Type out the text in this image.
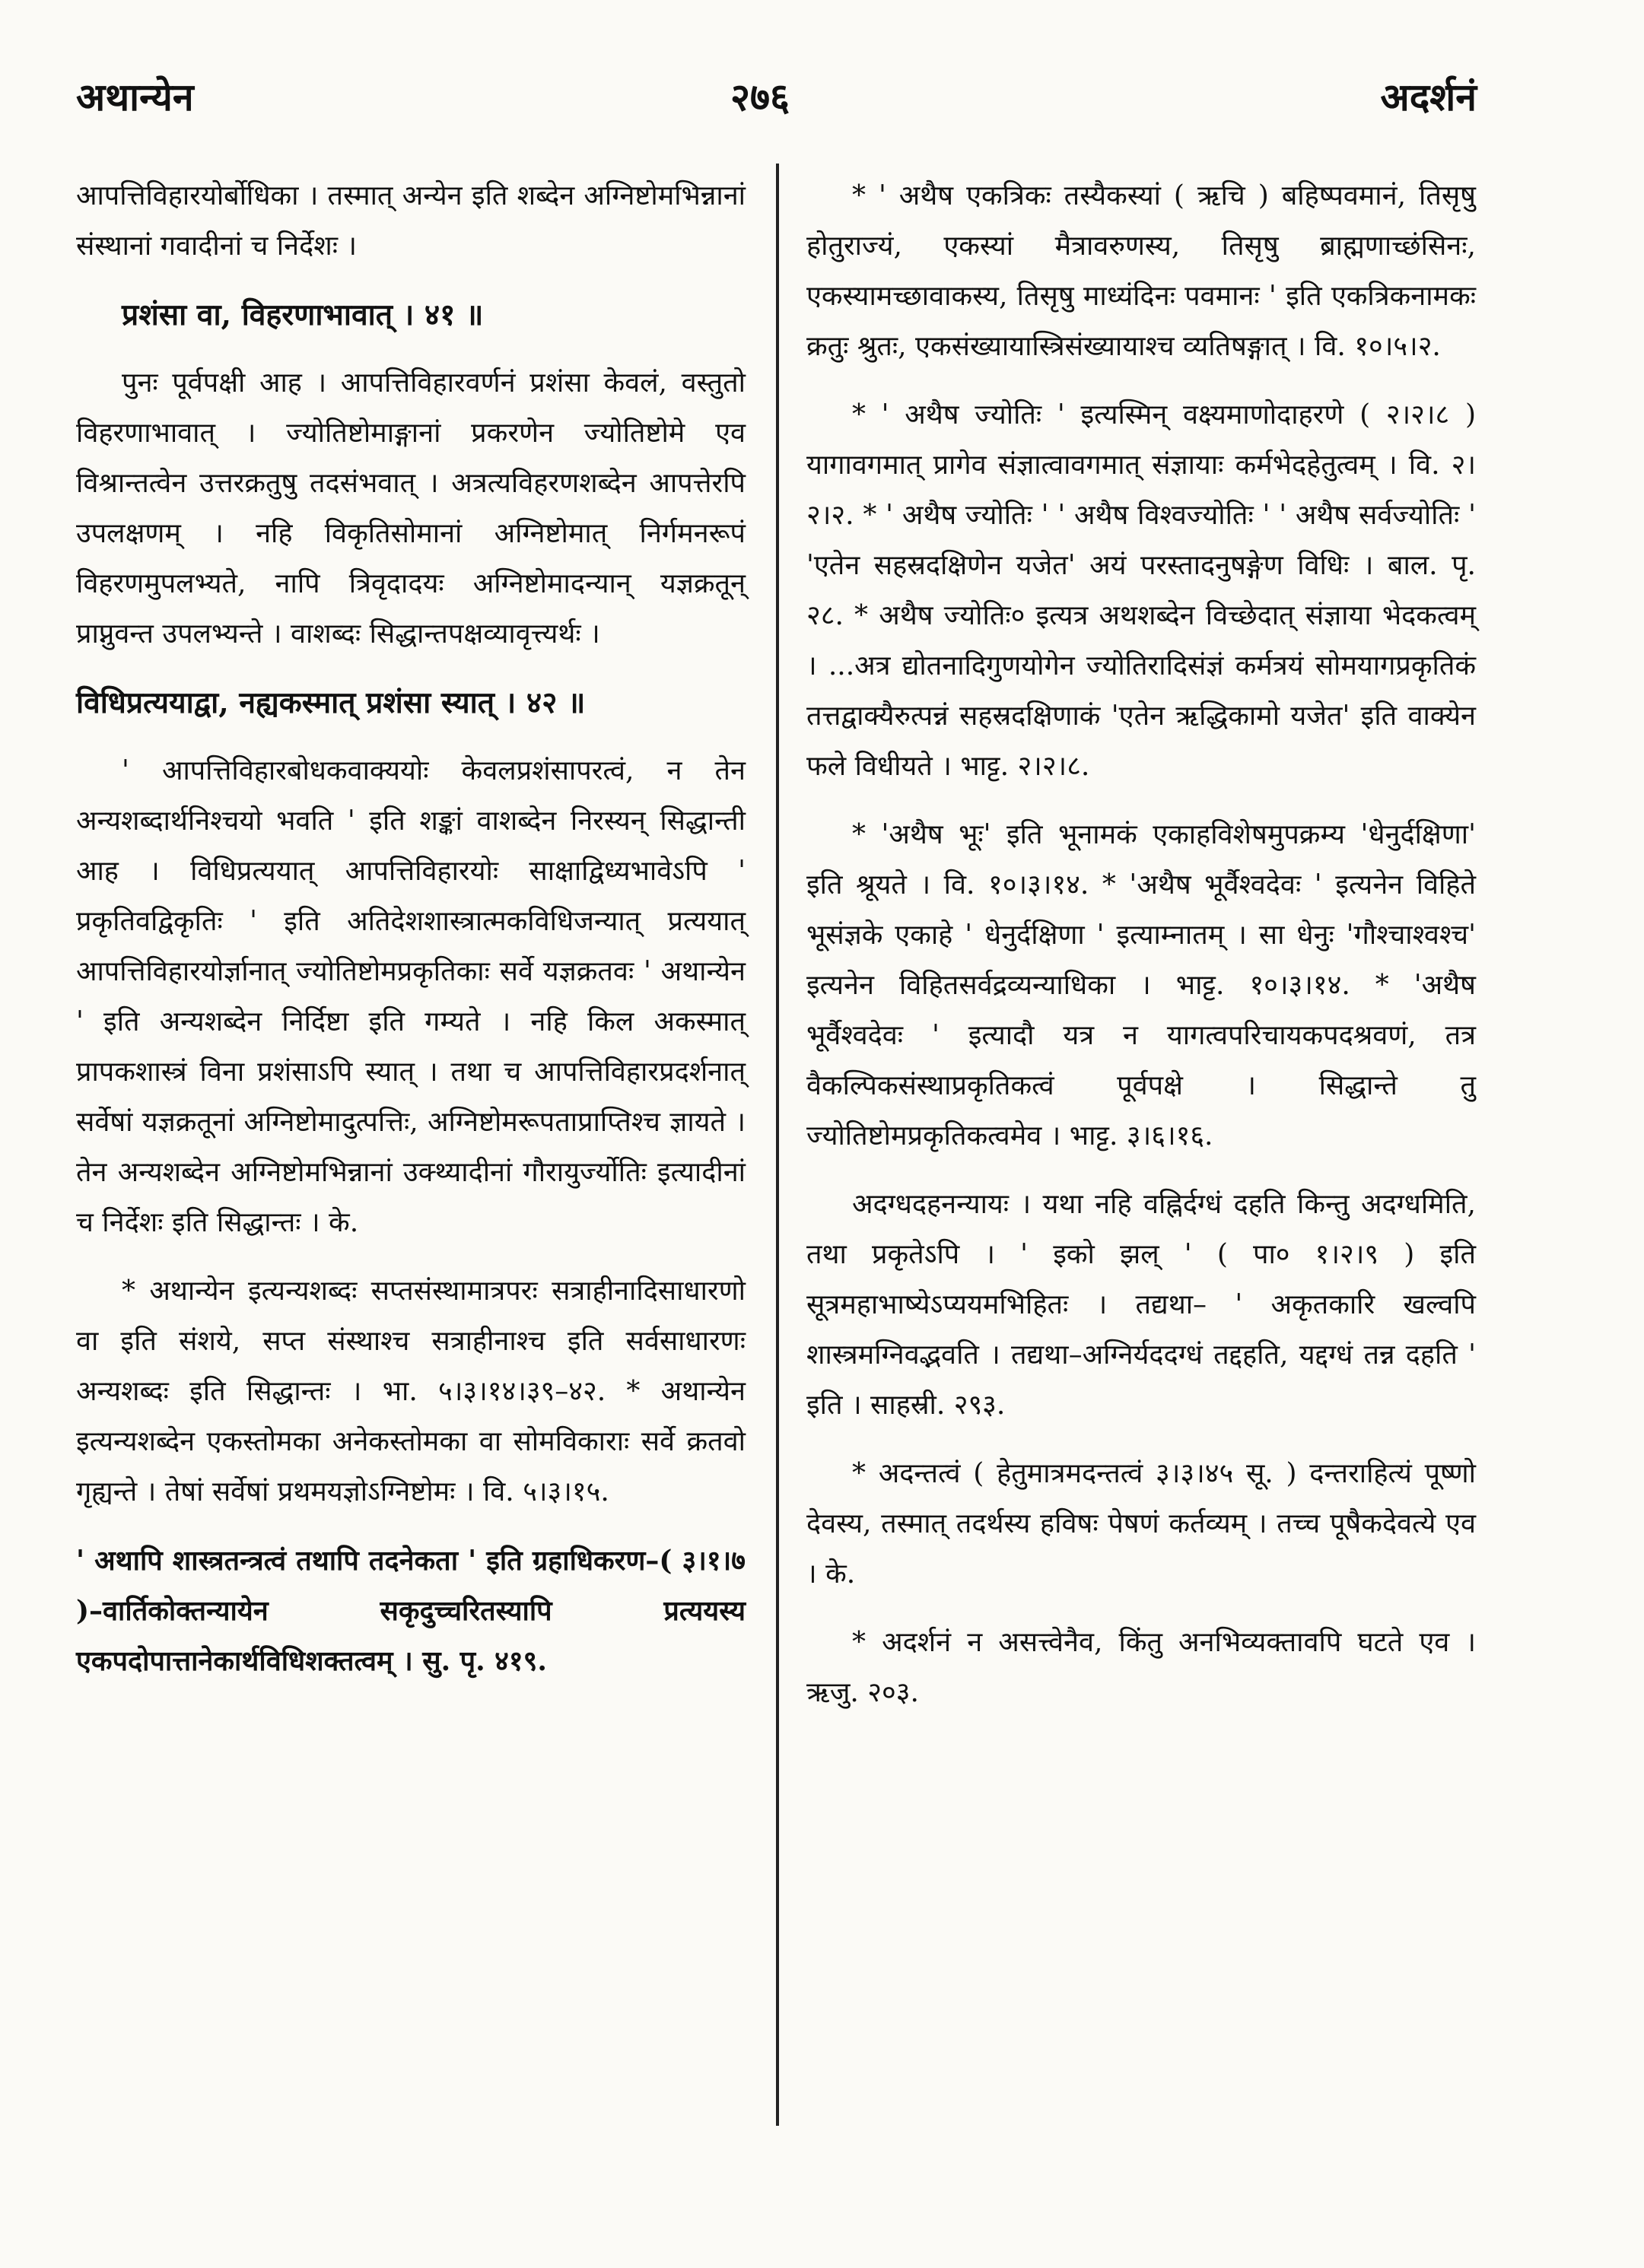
अथान्येन	२७६	अदर्शनं

आपत्तिविहारयोर्बोधिका । तस्मात् अन्येन इति शब्देन अग्निष्टोमभिन्नानां संस्थानां गवादीनां च निर्देशः ।

प्रशंसा वा, विहरणाभावात् । ४१ ॥

पुनः पूर्वपक्षी आह । आपत्तिविहारवर्णनं प्रशंसा केवलं, वस्तुतो विहरणाभावात् । ज्योतिष्टोमाङ्गानां प्रकरणेन ज्योतिष्टोमे एव विश्रान्तत्वेन उत्तरक्रतुषु तदसंभवात् । अत्रत्यविहरणशब्देन आपत्तेरपि उपलक्षणम् । नहि विकृतिसोमानां अग्निष्टोमात् निर्गमनरूपं विहरणमुपलभ्यते, नापि त्रिवृदादयः अग्निष्टोमादन्यान् यज्ञक्रतून् प्राप्नुवन्त उपलभ्यन्ते । वाशब्दः सिद्धान्तपक्षव्यावृत्त्यर्थः ।

विधिप्रत्ययाद्वा, नह्यकस्मात् प्रशंसा स्यात् । ४२ ॥

' आपत्तिविहारबोधकवाक्ययोः केवलप्रशंसापरत्वं, न तेन अन्यशब्दार्थनिश्चयो भवति ' इति शङ्कां वाशब्देन निरस्यन् सिद्धान्ती आह । विधिप्रत्ययात् आपत्तिविहारयोः साक्षाद्विध्यभावेऽपि ' प्रकृतिवद्विकृतिः ' इति अतिदेशशास्त्रात्मकविधिजन्यात् प्रत्ययात् आपत्तिविहारयोर्ज्ञानात् ज्योतिष्टोमप्रकृतिकाः सर्वे यज्ञक्रतवः ' अथान्येन ' इति अन्यशब्देन निर्दिष्टा इति गम्यते । नहि किल अकस्मात् प्रापकशास्त्रं विना प्रशंसाऽपि स्यात् । तथा च आपत्तिविहारप्रदर्शनात् सर्वेषां यज्ञक्रतूनां अग्निष्टोमादुत्पत्तिः, अग्निष्टोमरूपताप्राप्तिश्च ज्ञायते । तेन अन्यशब्देन अग्निष्टोमभिन्नानां उक्थ्यादीनां गौरायुर्ज्योतिः इत्यादीनां च निर्देशः इति सिद्धान्तः । के.

* अथान्येन इत्यन्यशब्दः सप्तसंस्थामात्रपरः सत्राहीनादिसाधारणो वा इति संशये, सप्त संस्थाश्च सत्राहीनाश्च इति सर्वसाधारणः अन्यशब्दः इति सिद्धान्तः । भा. ५।३।१४।३९–४२. * अथान्येन इत्यन्यशब्देन एकस्तोमका अनेकस्तोमका वा सोमविकाराः सर्वे क्रतवो गृह्यन्ते । तेषां सर्वेषां प्रथमयज्ञोऽग्निष्टोमः । वि. ५।३।१५.

' अथापि शास्त्रतन्त्रत्वं तथापि तदनेकता ' इति ग्रहाधिकरण–( ३।१।७ )–वार्तिकोक्तन्यायेन सकृदुच्चरितस्यापि प्रत्ययस्य एकपदोपात्तानेकार्थविधिशक्तत्वम् । सु. पृ. ४१९.

* ' अथैष एकत्रिकः तस्यैकस्यां ( ऋचि ) बहिष्पवमानं, तिसृषु होतुराज्यं, एकस्यां मैत्रावरुणस्य, तिसृषु ब्राह्मणाच्छंसिनः, एकस्यामच्छावाकस्य, तिसृषु माध्यंदिनः पवमानः ' इति एकत्रिकनामकः क्रतुः श्रुतः, एकसंख्यायास्त्रिसंख्यायाश्च व्यतिषङ्गात् । वि. १०।५।२.

* ' अथैष ज्योतिः ' इत्यस्मिन् वक्ष्यमाणोदाहरणे ( २।२।८ ) यागावगमात् प्रागेव संज्ञात्वावगमात् संज्ञायाः कर्मभेदहेतुत्वम् । वि. २।२।२. * ' अथैष ज्योतिः ' ' अथैष विश्वज्योतिः ' ' अथैष सर्वज्योतिः ' 'एतेन सहस्रदक्षिणेन यजेत' अयं परस्तादनुषङ्गेण विधिः । बाल. पृ. २८. * अथैष ज्योतिः० इत्यत्र अथशब्देन विच्छेदात् संज्ञाया भेदकत्वम् । ...अत्र द्योतनादिगुणयोगेन ज्योतिरादिसंज्ञं कर्मत्रयं सोमयागप्रकृतिकं तत्तद्वाक्यैरुत्पन्नं सहस्रदक्षिणाकं 'एतेन ऋद्धिकामो यजेत' इति वाक्येन फले विधीयते । भाट्ट. २।२।८.

* 'अथैष भूः' इति भूनामकं एकाहविशेषमुपक्रम्य 'धेनुर्दक्षिणा' इति श्रूयते । वि. १०।३।१४. * 'अथैष भूर्वैश्वदेवः ' इत्यनेन विहिते भूसंज्ञके एकाहे ' धेनुर्दक्षिणा ' इत्याम्नातम् । सा धेनुः 'गौश्चाश्वश्च' इत्यनेन विहितसर्वद्रव्यन्याधिका । भाट्ट. १०।३।१४. * 'अथैष भूर्वैश्वदेवः ' इत्यादौ यत्र न यागत्वपरिचायकपदश्रवणं, तत्र वैकल्पिकसंस्थाप्रकृतिकत्वं पूर्वपक्षे । सिद्धान्ते तु ज्योतिष्टोमप्रकृतिकत्वमेव । भाट्ट. ३।६।१६.

अदग्धदहनन्यायः । यथा नहि वह्निर्दग्धं दहति किन्तु अदग्धमिति, तथा प्रकृतेऽपि । ' इको झल् ' ( पा० १।२।९ ) इति सूत्रमहाभाष्येऽप्ययमभिहितः । तद्यथा– ' अकृतकारि खल्वपि शास्त्रमग्निवद्भवति । तद्यथा–अग्निर्यददग्धं तद्दहति, यद्दग्धं तन्न दहति ' इति । साहस्री. २९३.

* अदन्तत्वं ( हेतुमात्रमदन्तत्वं ३।३।४५ सू. ) दन्तराहित्यं पूष्णो देवस्य, तस्मात् तदर्थस्य हविषः पेषणं कर्तव्यम् । तच्च पूषैकदेवत्ये एव । के.

* अदर्शनं न असत्त्वेनैव, किंतु अनभिव्यक्तावपि घटते एव । ऋजु. २०३.
